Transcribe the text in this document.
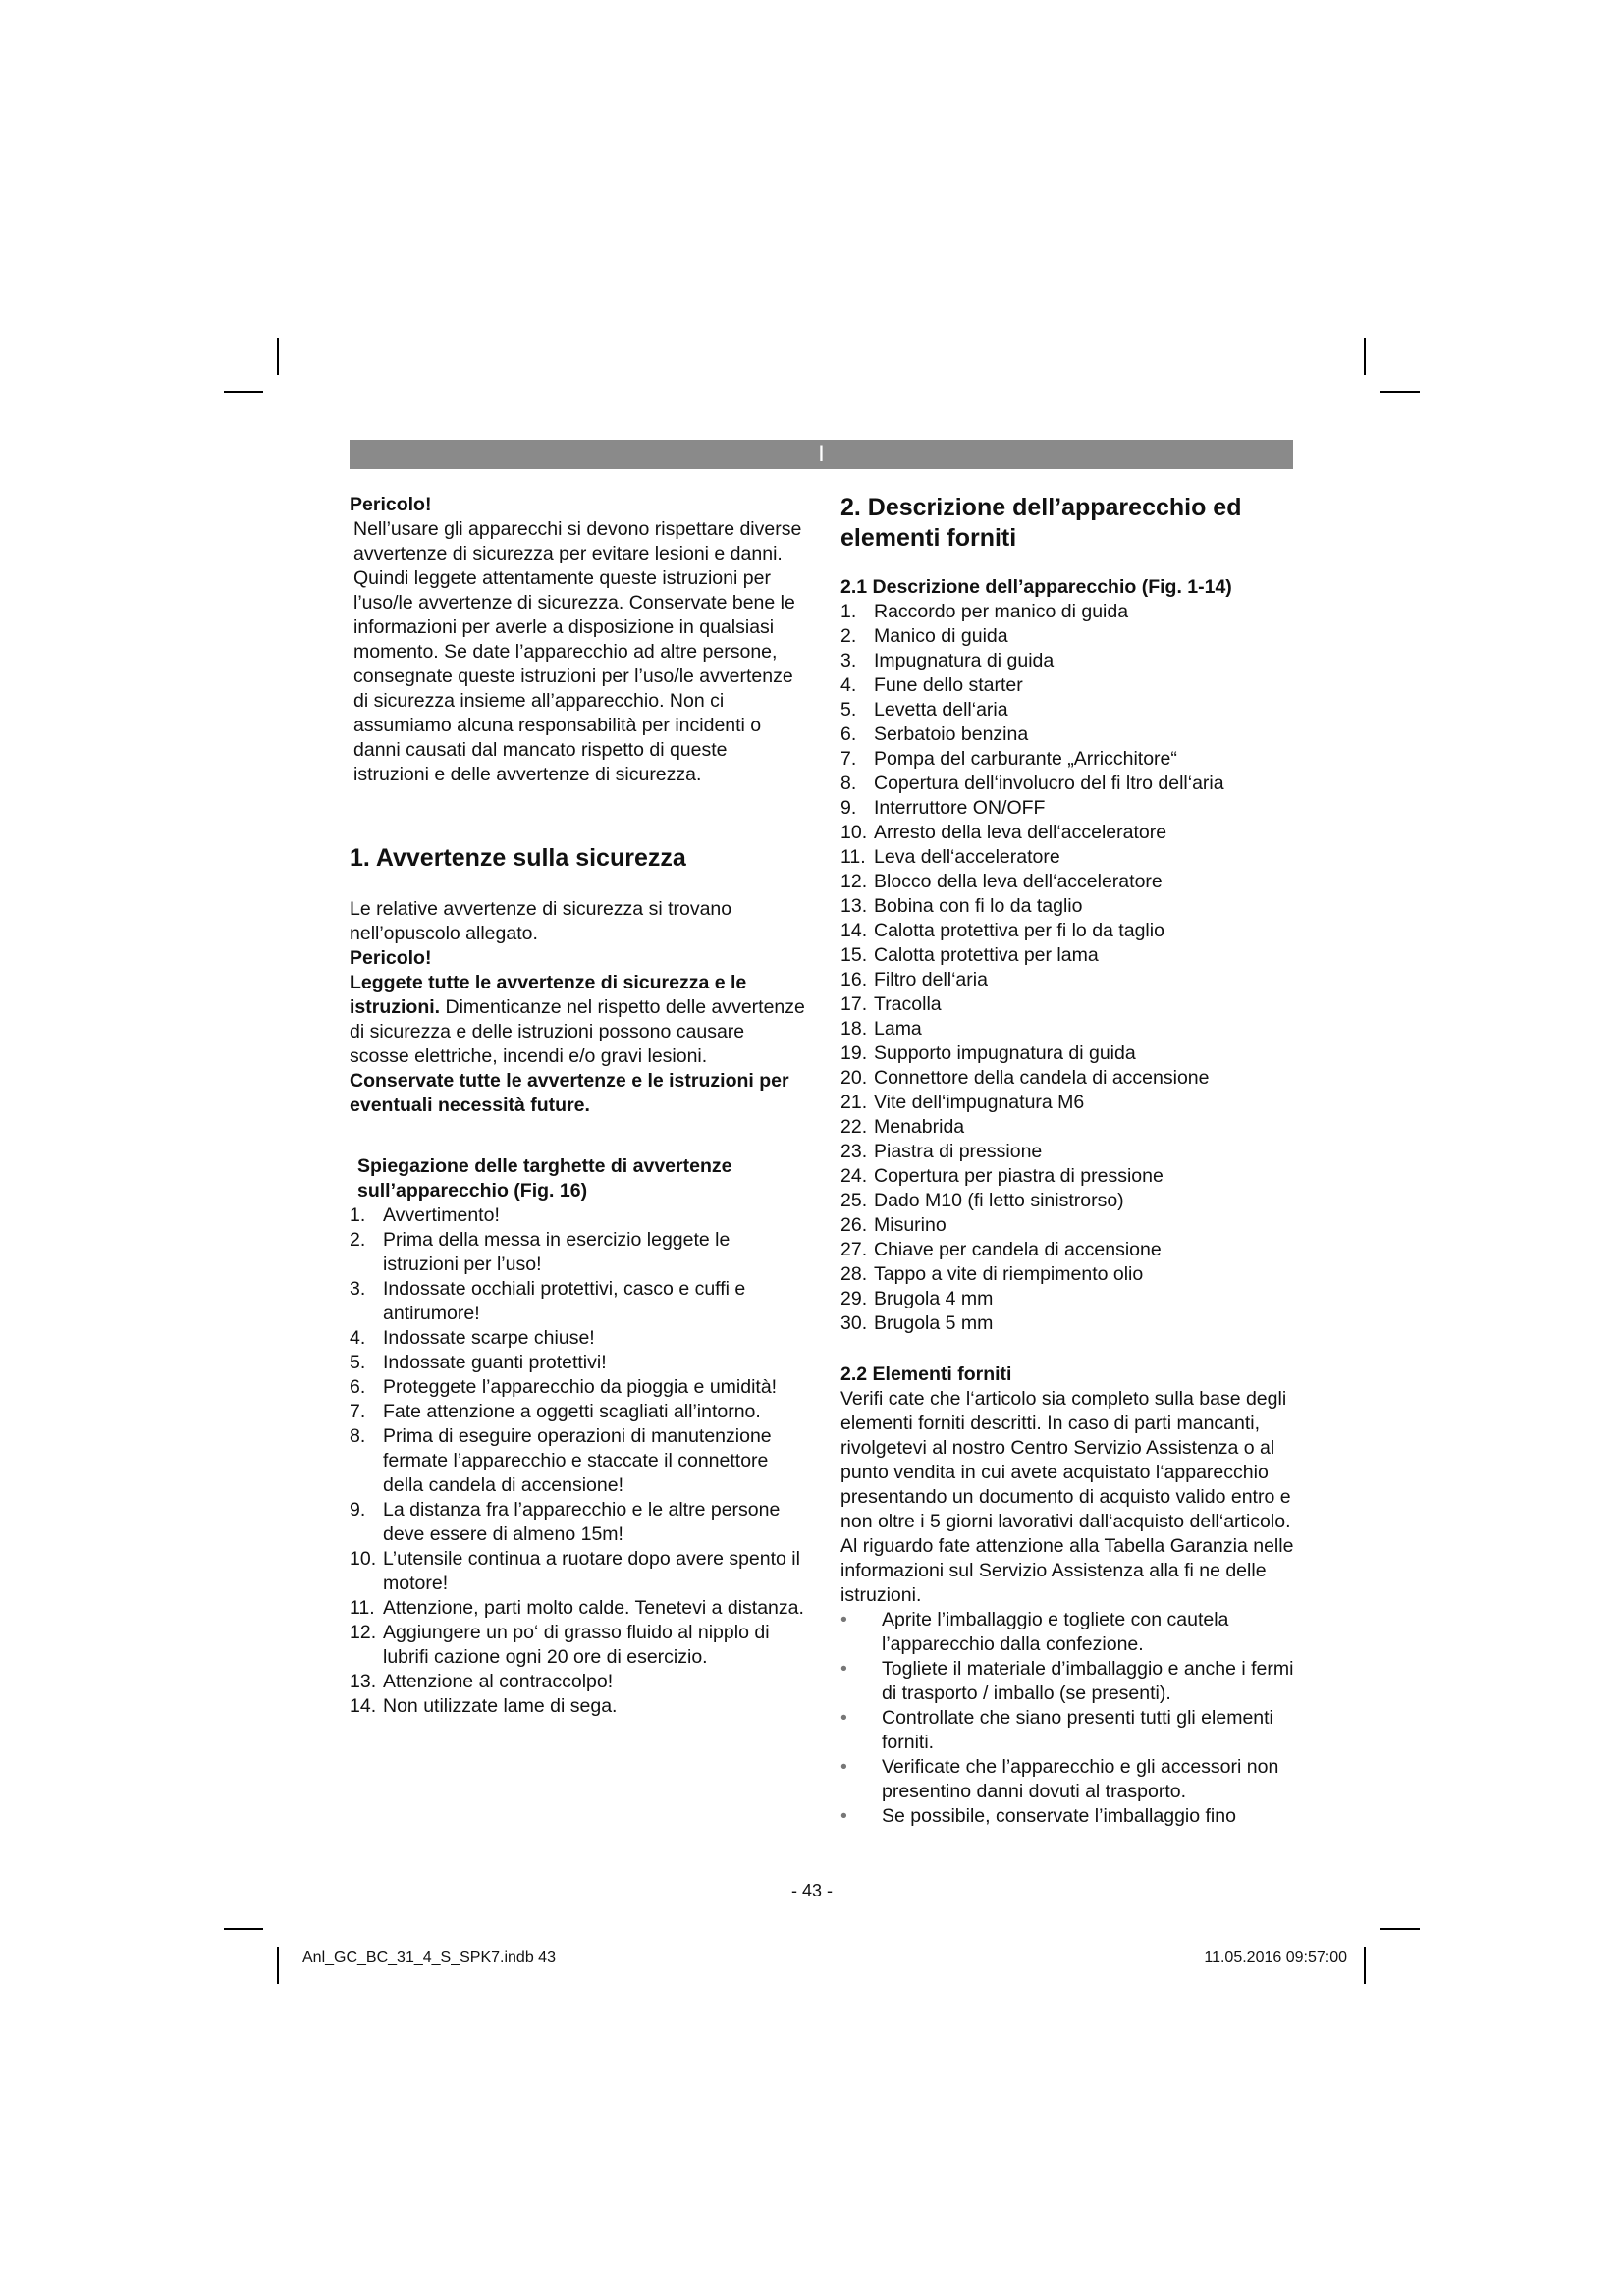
I

Pericolo!

Nell’usare gli apparecchi si devono rispettare diverse avvertenze di sicurezza per evitare lesioni e danni. Quindi leggete attentamente queste istruzioni per l’uso/le avvertenze di sicurezza. Conservate bene le informazioni per averle a disposizione in qualsiasi momento. Se date l’apparecchio ad altre persone, consegnate queste istruzioni per l’uso/le avvertenze di sicurezza insieme all’apparecchio. Non ci assumiamo alcuna responsabilità per incidenti o danni causati dal mancato rispetto di queste istruzioni e delle avvertenze di sicurezza.

1. Avvertenze sulla sicurezza

Le relative avvertenze di sicurezza si trovano nell’opuscolo allegato.

Pericolo!

Leggete tutte le avvertenze di sicurezza e le istruzioni. Dimenticanze nel rispetto delle avvertenze di sicurezza e delle istruzioni possono causare scosse elettriche, incendi e/o gravi lesioni.

Conservate tutte le avvertenze e le istruzioni per eventuali necessità future.

Spiegazione delle targhette di avvertenze sull’apparecchio (Fig. 16)
1. Avvertimento!
2. Prima della messa in esercizio leggete le istruzioni per l’uso!
3. Indossate occhiali protettivi, casco e cuffi e antirumore!
4. Indossate scarpe chiuse!
5. Indossate guanti protettivi!
6. Proteggete l’apparecchio da pioggia e umidità!
7. Fate attenzione a oggetti scagliati all’intorno.
8. Prima di eseguire operazioni di manutenzione fermate l’apparecchio e staccate il connettore della candela di accensione!
9. La distanza fra l’apparecchio e le altre persone deve essere di almeno 15m!
10. L’utensile continua a ruotare dopo avere spento il motore!
11. Attenzione, parti molto calde. Tenetevi a distanza.
12. Aggiungere un po‘ di grasso fluido al nipplo di lubrifi cazione ogni 20 ore di esercizio.
13. Attenzione al contraccolpo!
14. Non utilizzate lame di sega.
2. Descrizione dell’apparecchio ed elementi forniti
2.1 Descrizione dell’apparecchio (Fig. 1-14)
1. Raccordo per manico di guida
2. Manico di guida
3. Impugnatura di guida
4. Fune dello starter
5. Levetta dell‘aria
6. Serbatoio benzina
7. Pompa del carburante „Arricchitore“
8. Copertura dell‘involucro del fi ltro dell‘aria
9. Interruttore ON/OFF
10. Arresto della leva dell‘acceleratore
11. Leva dell‘acceleratore
12. Blocco della leva dell‘acceleratore
13. Bobina con fi lo da taglio
14. Calotta protettiva per fi lo da taglio
15. Calotta protettiva per lama
16. Filtro dell‘aria
17. Tracolla
18. Lama
19. Supporto impugnatura di guida
20. Connettore della candela di accensione
21. Vite dell‘impugnatura M6
22. Menabrida
23. Piastra di pressione
24. Copertura per piastra di pressione
25. Dado M10 (fi letto sinistrorso)
26. Misurino
27. Chiave per candela di accensione
28. Tappo a vite di riempimento olio
29. Brugola 4 mm
30. Brugola 5 mm
2.2 Elementi forniti

Verifi cate che l‘articolo sia completo sulla base degli elementi forniti descritti. In caso di parti mancanti, rivolgetevi al nostro Centro Servizio Assistenza o al punto vendita in cui avete acquistato l‘apparecchio presentando un documento di acquisto valido entro e non oltre i 5 giorni lavorativi dall‘acquisto dell‘articolo. Al riguardo fate attenzione alla Tabella Garanzia nelle informazioni sul Servizio Assistenza alla fi ne delle istruzioni.

• Aprite l’imballaggio e togliete con cautela l’apparecchio dalla confezione.
• Togliete il materiale d’imballaggio e anche i fermi di trasporto / imballo (se presenti).
• Controllate che siano presenti tutti gli elementi forniti.
• Verificate che l’apparecchio e gli accessori non presentino danni dovuti al trasporto.
• Se possibile, conservate l’imballaggio fino
- 43 -
Anl_GC_BC_31_4_S_SPK7.indb 43	11.05.2016 09:57:00
